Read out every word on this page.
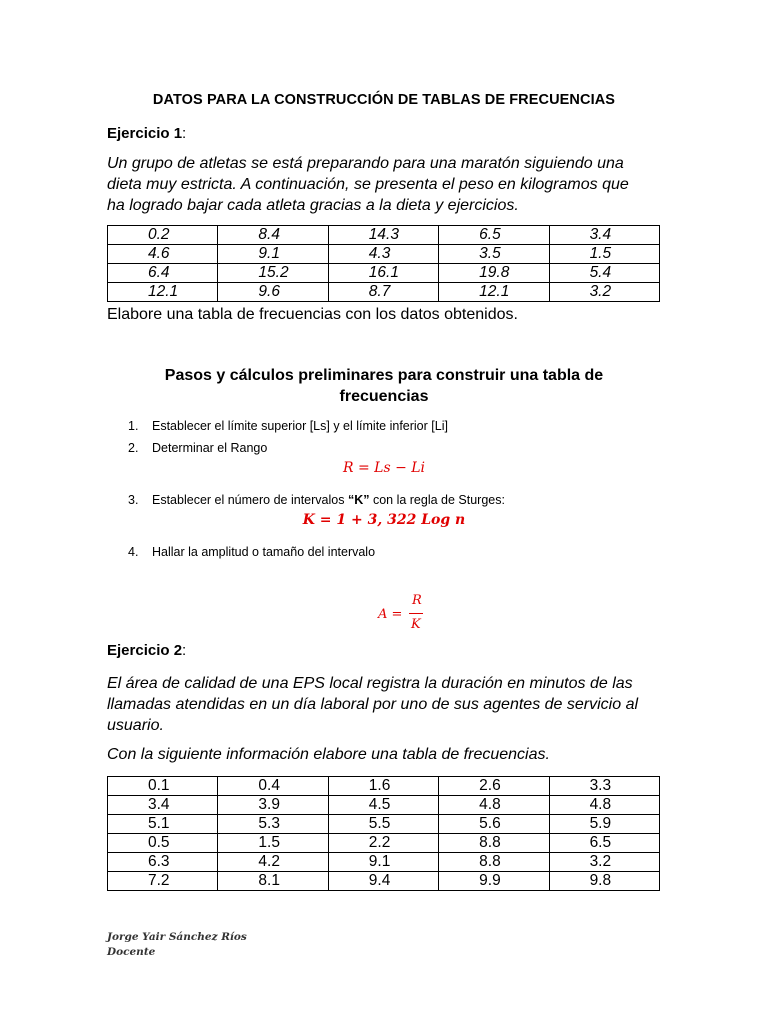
DATOS PARA LA CONSTRUCCIÓN DE TABLAS DE FRECUENCIAS
Ejercicio 1:
Un grupo de atletas se está preparando para una maratón siguiendo una
dieta muy estricta. A continuación, se presenta el peso en kilogramos que
ha logrado bajar cada atleta gracias a la dieta y ejercicios.
0.2	8.4	14.3	6.5	3.4
4.6	9.1	4.3	3.5	1.5
6.4	15.2	16.1	19.8	5.4
12.1	9.6	8.7	12.1	3.2
Elabore una tabla de frecuencias con los datos obtenidos.
Pasos y cálculos preliminares para construir una tabla de
frecuencias
1. Establecer el límite superior [Ls] y el límite inferior [Li]
2. Determinar el Rango
R = Ls − Li
3. Establecer el número de intervalos “K” con la regla de Sturges:
K = 1 + 3, 322 Log n
4. Hallar la amplitud o tamaño del intervalo
A =
R
K
Ejercicio 2:
El área de calidad de una EPS local registra la duración en minutos de las
llamadas atendidas en un día laboral por uno de sus agentes de servicio al
usuario.
Con la siguiente información elabore una tabla de frecuencias.
0.1	0.4	1.6	2.6	3.3
3.4	3.9	4.5	4.8	4.8
5.1	5.3	5.5	5.6	5.9
0.5	1.5	2.2	8.8	6.5
6.3	4.2	9.1	8.8	3.2
7.2	8.1	9.4	9.9	9.8
Jorge Yair Sánchez Ríos
Docente
